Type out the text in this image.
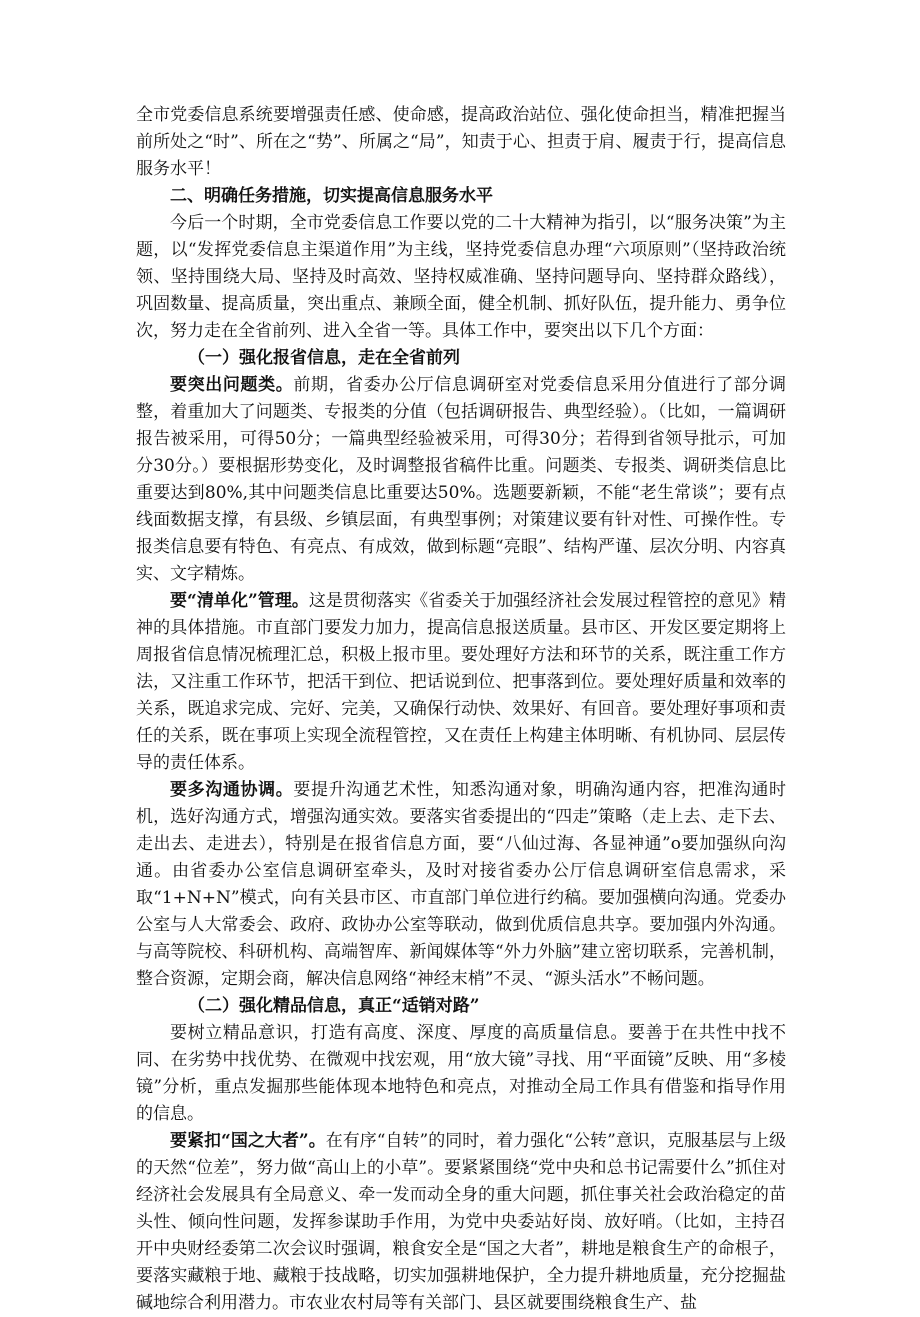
全市党委信息系统要增强责任感、使命感，提高政治站位、强化使命担当，精准把握当前所处之“时”、所在之“势”、所属之“局”，知责于心、担责于肩、履责于行，提高信息服务水平！

二、明确任务措施，切实提高信息服务水平

今后一个时期，全市党委信息工作要以党的二十大精神为指引，以“服务决策”为主题，以“发挥党委信息主渠道作用”为主线，坚持党委信息办理“六项原则”（坚持政治统领、坚持围绕大局、坚持及时高效、坚持权威准确、坚持问题导向、坚持群众路线），巩固数量、提高质量，突出重点、兼顾全面，健全机制、抓好队伍，提升能力、勇争位次，努力走在全省前列、进入全省一等。具体工作中，要突出以下几个方面：

（一）强化报省信息，走在全省前列

要突出问题类。前期，省委办公厅信息调研室对党委信息采用分值进行了部分调整，着重加大了问题类、专报类的分值（包括调研报告、典型经验）。（比如，一篇调研报告被采用，可得50分；一篇典型经验被采用，可得30分；若得到省领导批示，可加分30分。）要根据形势变化，及时调整报省稿件比重。问题类、专报类、调研类信息比重要达到80%,其中问题类信息比重要达50%。选题要新颖，不能“老生常谈”；要有点线面数据支撑，有县级、乡镇层面，有典型事例；对策建议要有针对性、可操作性。专报类信息要有特色、有亮点、有成效，做到标题“亮眼”、结构严谨、层次分明、内容真实、文字精炼。

要“清单化”管理。这是贯彻落实《省委关于加强经济社会发展过程管控的意见》精神的具体措施。市直部门要发力加力，提高信息报送质量。县市区、开发区要定期将上周报省信息情况梳理汇总，积极上报市里。要处理好方法和环节的关系，既注重工作方法，又注重工作环节，把活干到位、把话说到位、把事落到位。要处理好质量和效率的关系，既追求完成、完好、完美，又确保行动快、效果好、有回音。要处理好事项和责任的关系，既在事项上实现全流程管控，又在责任上构建主体明晰、有机协同、层层传导的责任体系。

要多沟通协调。要提升沟通艺术性，知悉沟通对象，明确沟通内容，把准沟通时机，选好沟通方式，增强沟通实效。要落实省委提出的“四走”策略（走上去、走下去、走出去、走进去），特别是在报省信息方面，要“八仙过海、各显神通”o要加强纵向沟通。由省委办公室信息调研室牵头，及时对接省委办公厅信息调研室信息需求，采取“1+N+N”模式，向有关县市区、市直部门单位进行约稿。要加强横向沟通。党委办公室与人大常委会、政府、政协办公室等联动，做到优质信息共享。要加强内外沟通。与高等院校、科研机构、高端智库、新闻媒体等“外力外脑”建立密切联系，完善机制，整合资源，定期会商，解决信息网络“神经末梢”不灵、“源头活水”不畅问题。

（二）强化精品信息，真正“适销对路”

要树立精品意识，打造有高度、深度、厚度的高质量信息。要善于在共性中找不同、在劣势中找优势、在微观中找宏观，用“放大镜”寻找、用“平面镜”反映、用“多棱镜”分析，重点发掘那些能体现本地特色和亮点，对推动全局工作具有借鉴和指导作用的信息。

要紧扣“国之大者”。在有序“自转”的同时，着力强化“公转”意识，克服基层与上级的天然“位差”，努力做“高山上的小草”。要紧紧围绕“党中央和总书记需要什么”抓住对经济社会发展具有全局意义、牵一发而动全身的重大问题，抓住事关社会政治稳定的苗头性、倾向性问题，发挥参谋助手作用，为党中央委站好岗、放好哨。（比如，主持召开中央财经委第二次会议时强调，粮食安全是“国之大者”，耕地是粮食生产的命根子，要落实藏粮于地、藏粮于技战略，切实加强耕地保护，全力提升耕地质量，充分挖掘盐碱地综合利用潜力。市农业农村局等有关部门、县区就要围绕粮食生产、盐
